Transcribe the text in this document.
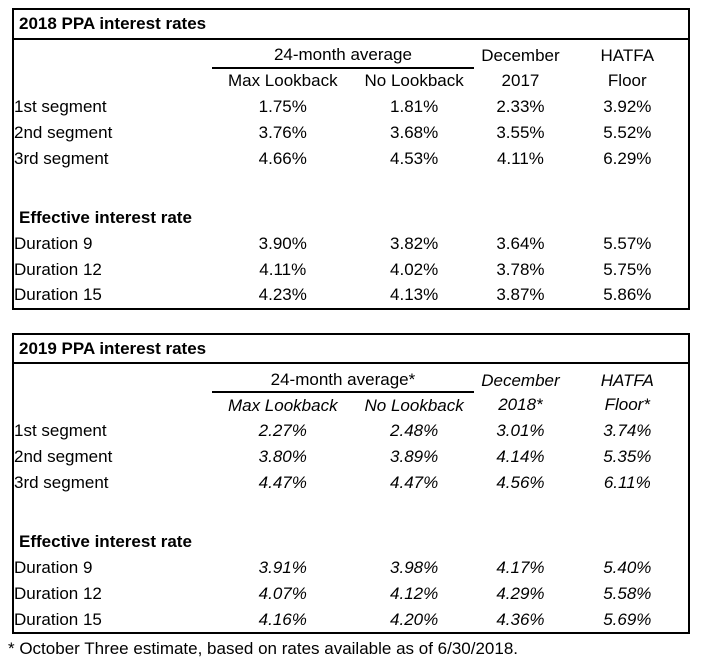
2018 PPA interest rates				
	24-month average		December	HATFA
	Max Lookback	No Lookback	2017	Floor
1st segment	1.75%	1.81%	2.33%	3.92%
2nd segment	3.76%	3.68%	3.55%	5.52%
3rd segment	4.66%	4.53%	4.11%	6.29%

Effective interest rate				
Duration 9	3.90%	3.82%	3.64%	5.57%
Duration 12	4.11%	4.02%	3.78%	5.75%
Duration 15	4.23%	4.13%	3.87%	5.86%
2019 PPA interest rates				
	24-month average*		December	HATFA
	Max Lookback	No Lookback	2018*	Floor*
1st segment	2.27%	2.48%	3.01%	3.74%
2nd segment	3.80%	3.89%	4.14%	5.35%
3rd segment	4.47%	4.47%	4.56%	6.11%

Effective interest rate				
Duration 9	3.91%	3.98%	4.17%	5.40%
Duration 12	4.07%	4.12%	4.29%	5.58%
Duration 15	4.16%	4.20%	4.36%	5.69%
* October Three estimate, based on rates available as of 6/30/2018.
